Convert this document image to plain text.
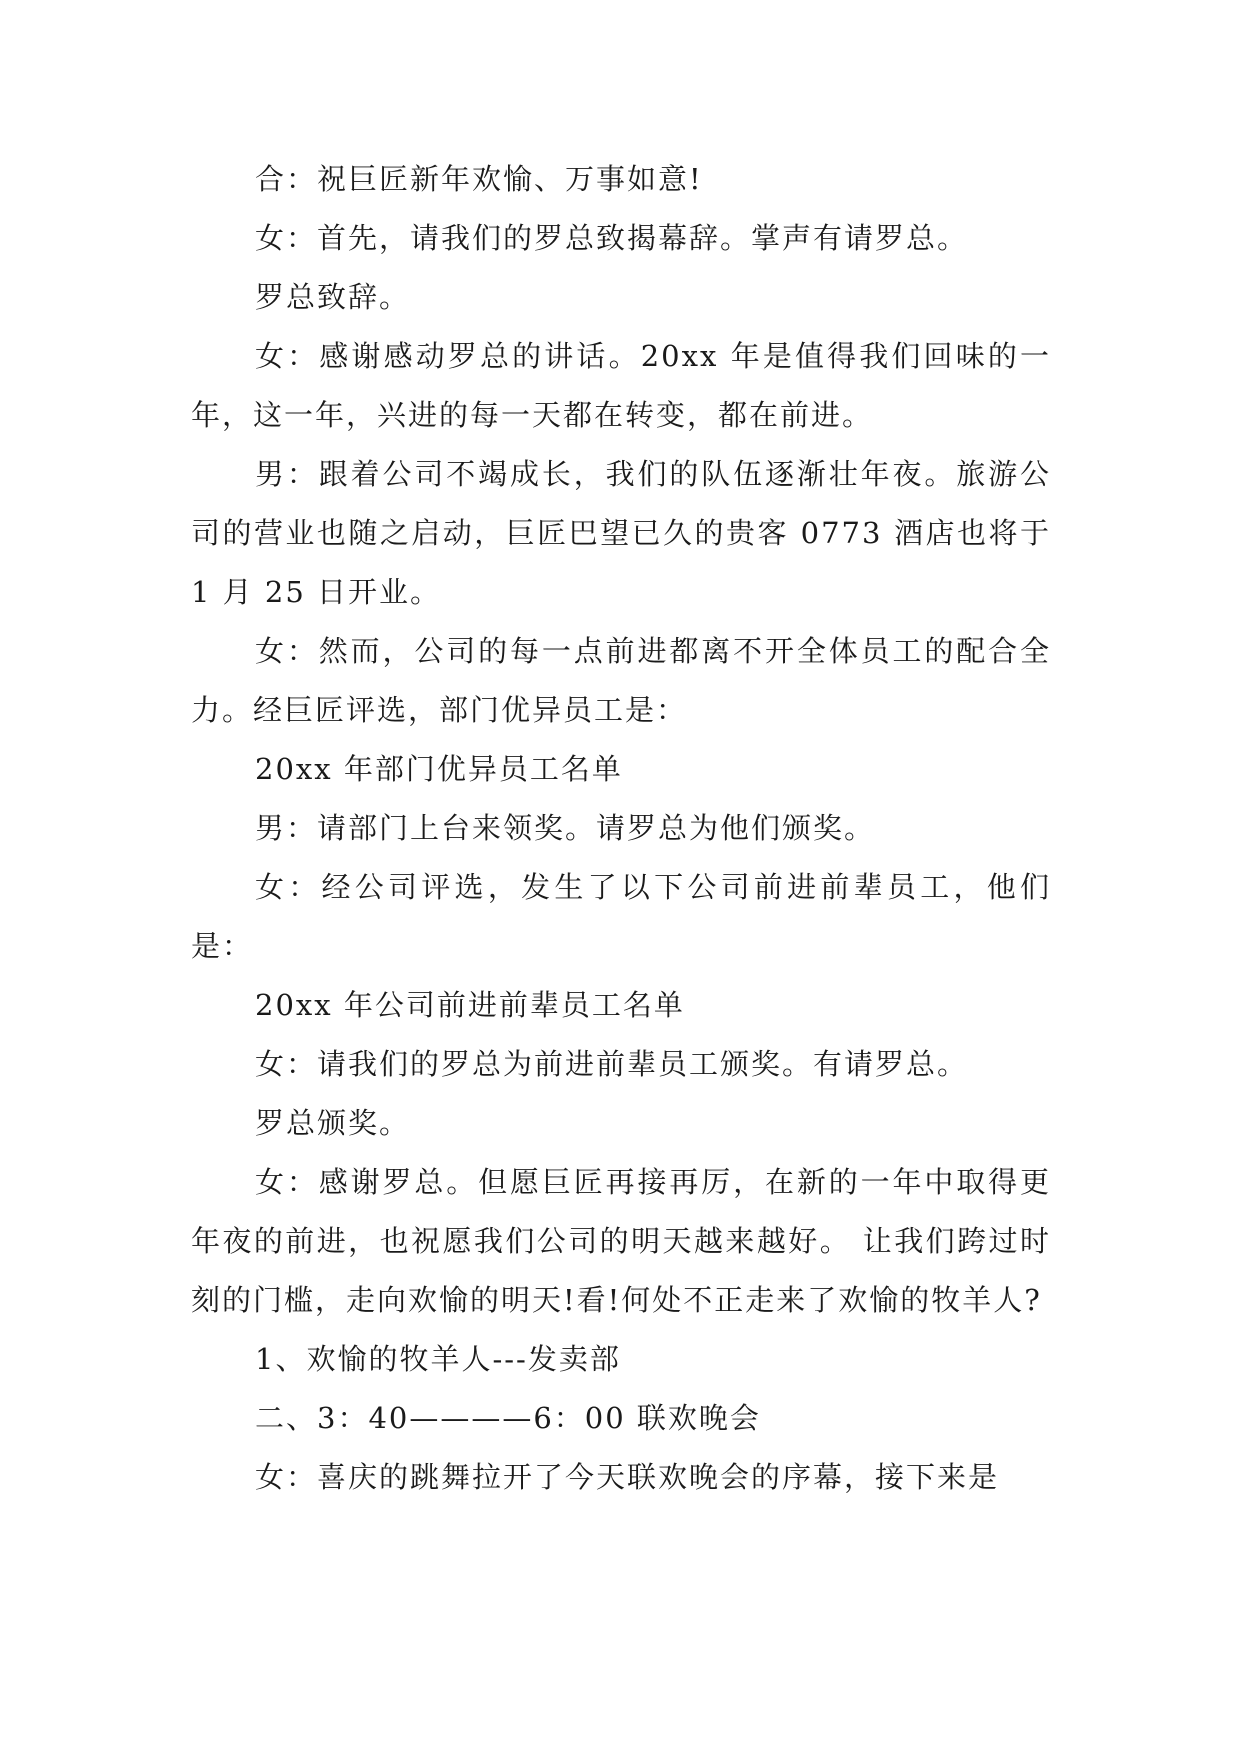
合：祝巨匠新年欢愉、万事如意!

女：首先，请我们的罗总致揭幕辞。掌声有请罗总。

罗总致辞。

女：感谢感动罗总的讲话。20xx 年是值得我们回味的一年，这一年，兴进的每一天都在转变，都在前进。

男：跟着公司不竭成长，我们的队伍逐渐壮年夜。旅游公司的营业也随之启动，巨匠巴望已久的贵客 0773 酒店也将于 1 月 25 日开业。

女：然而，公司的每一点前进都离不开全体员工的配合全力。经巨匠评选，部门优异员工是：

20xx 年部门优异员工名单

男：请部门上台来领奖。请罗总为他们颁奖。

女：经公司评选，发生了以下公司前进前辈员工，他们是：

20xx 年公司前进前辈员工名单

女：请我们的罗总为前进前辈员工颁奖。有请罗总。

罗总颁奖。

女：感谢罗总。但愿巨匠再接再厉，在新的一年中取得更年夜的前进，也祝愿我们公司的明天越来越好。 让我们跨过时刻的门槛，走向欢愉的明天!看!何处不正走来了欢愉的牧羊人?

1、欢愉的牧羊人---发卖部

二、3：40————6：00 联欢晚会

女：喜庆的跳舞拉开了今天联欢晚会的序幕，接下来是
